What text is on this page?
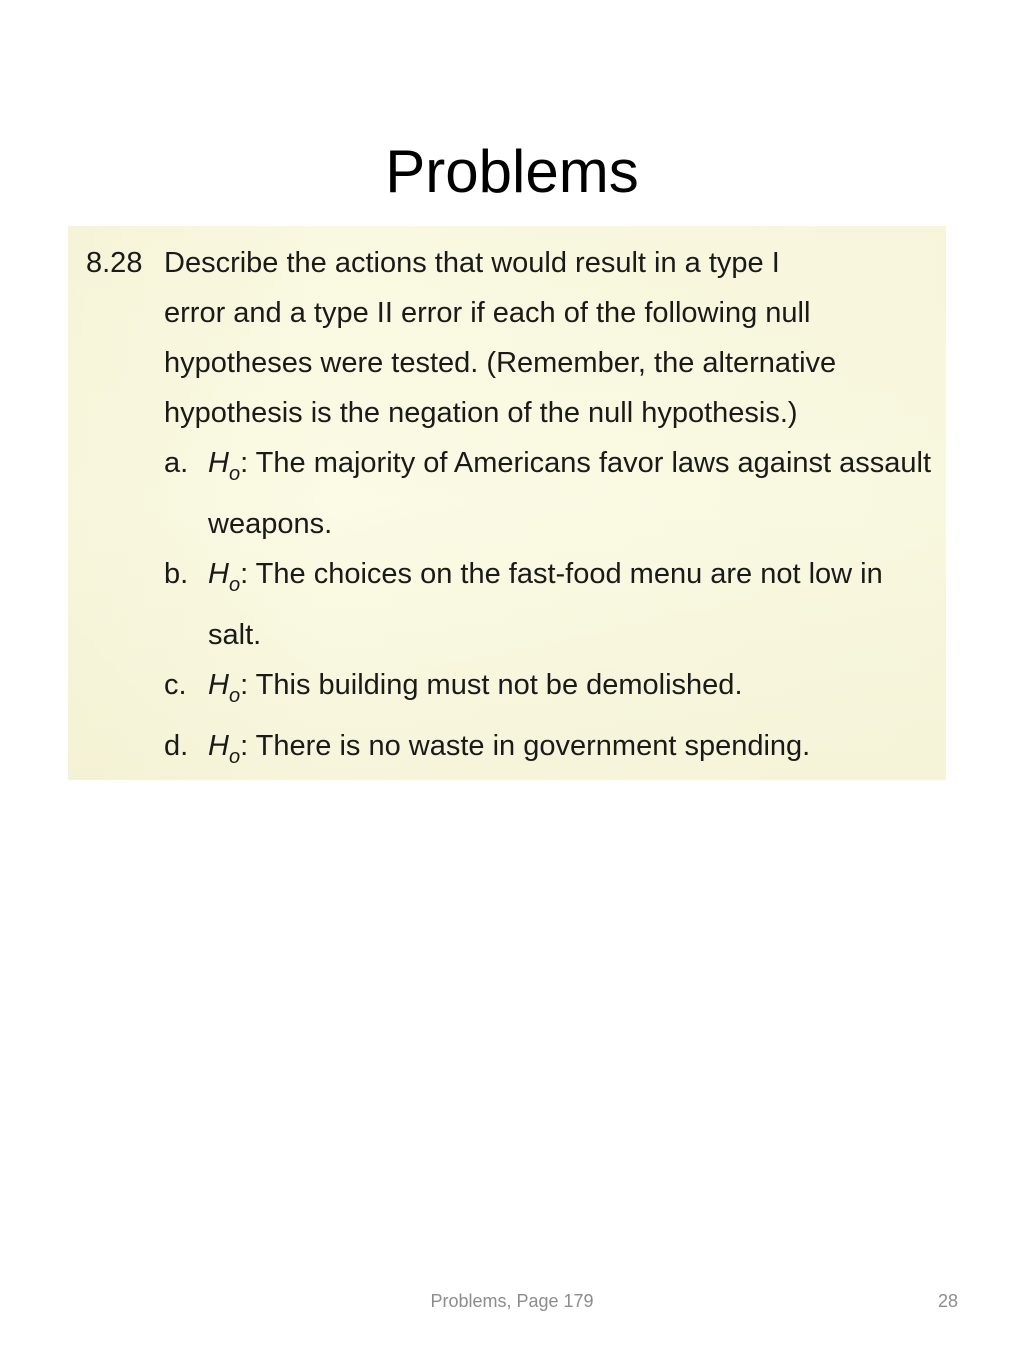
Problems
8.28 Describe the actions that would result in a type I
error and a type II error if each of the following null
hypotheses were tested. (Remember, the alternative
hypothesis is the negation of the null hypothesis.)
a. $H_o$: The majority of Americans favor laws against assault weapons.
b. $H_o$: The choices on the fast-food menu are not low in salt.
c. $H_o$: This building must not be demolished.
d. $H_o$: There is no waste in government spending.
Problems, Page 179	28
